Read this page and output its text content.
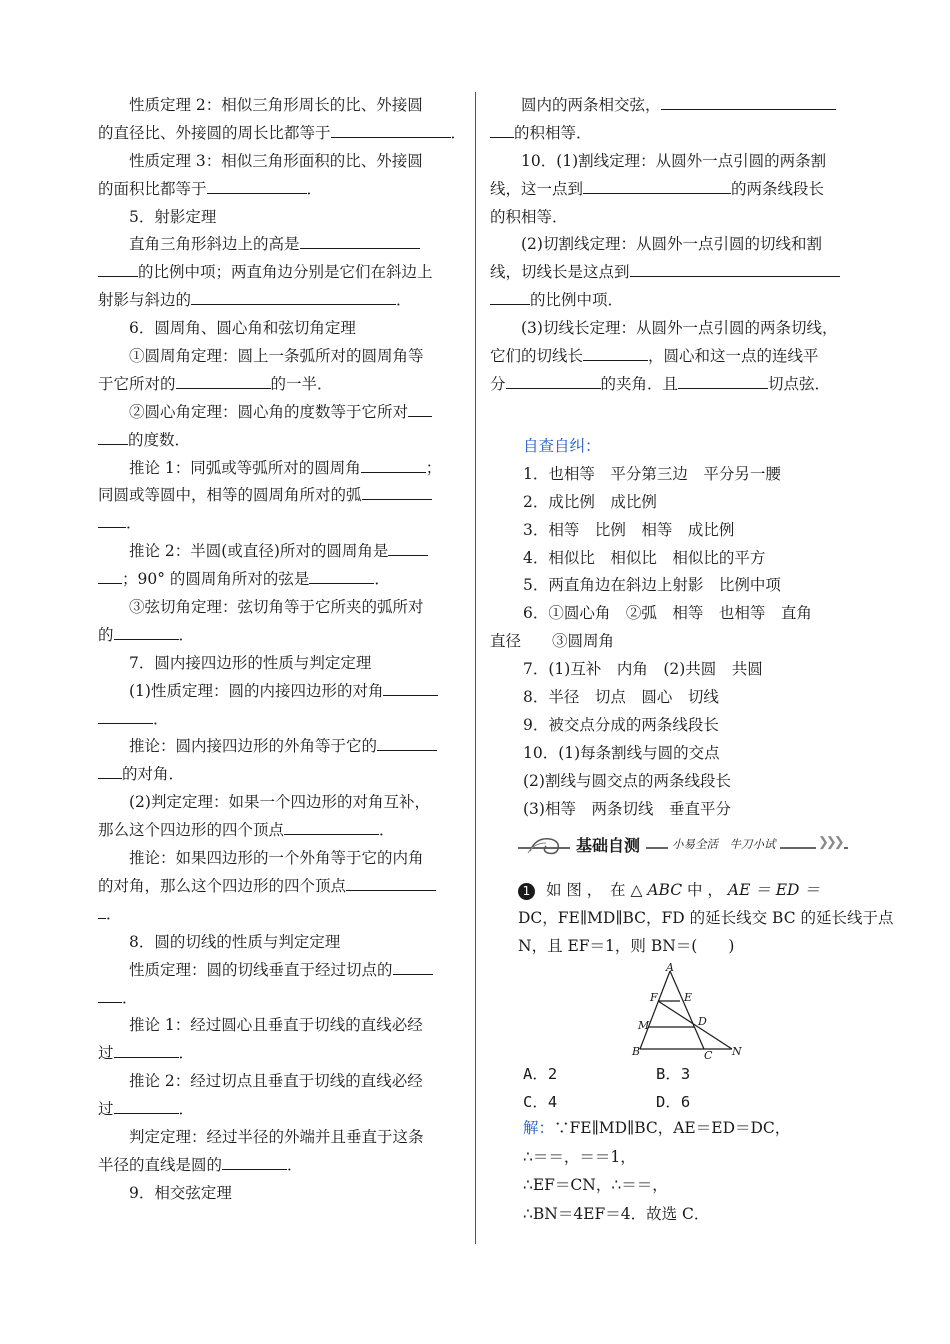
性质定理 2：相似三角形周长的比、外接圆
的直径比、外接圆的周长比都等于	．
性质定理 3：相似三角形面积的比、外接圆
的面积比都等于	．
5．射影定理
直角三角形斜边上的高是
的比例中项；两直角边分别是它们在斜边上
射影与斜边的	．
6．圆周角、圆心角和弦切角定理
①圆周角定理：圆上一条弧所对的圆周角等
于它所对的	的一半．
②圆心角定理：圆心角的度数等于它所对
的度数．
推论 1：同弧或等弧所对的圆周角	；
同圆或等圆中，相等的圆周角所对的弧
．
推论 2：半圆(或直径)所对的圆周角是
；90° 的圆周角所对的弦是	．
③弦切角定理：弦切角等于它所夹的弧所对
的	．
7．圆内接四边形的性质与判定定理
(1)性质定理：圆的内接四边形的对角
．
推论：圆内接四边形的外角等于它的
的对角．
(2)判定定理：如果一个四边形的对角互补，
那么这个四边形的四个顶点	．
推论：如果四边形的一个外角等于它的内角
的对角，那么这个四边形的四个顶点
．
8．圆的切线的性质与判定定理
性质定理：圆的切线垂直于经过切点的
．
推论 1：经过圆心且垂直于切线的直线必经
过	．
推论 2：经过切点且垂直于切线的直线必经
过	．
判定定理：经过半径的外端并且垂直于这条
半径的直线是圆的	．
9．相交弦定理
圆内的两条相交弦，
的积相等．
10．(1)割线定理：从圆外一点引圆的两条割
线，这一点到	的两条线段长
的积相等．
(2)切割线定理：从圆外一点引圆的切线和割
线，切线长是这点到
的比例中项．
(3)切线长定理：从圆外一点引圆的两条切线，
它们的切线长	，圆心和这一点的连线平
分	的夹角．且	切点弦．
自查自纠：
1．也相等　平分第三边　平分另一腰
2．成比例　成比例
3．相等　比例　相等　成比例
4．相似比　相似比　相似比的平方
5．两直角边在斜边上射影　比例中项
6．①圆心角　②弧　相等　也相等　直角
直径　　③圆周角
7．(1)互补　内角　(2)共圆　共圆
8．半径　切点　圆心　切线
9．被交点分成的两条线段长
10．(1)每条割线与圆的交点
(2)割线与圆交点的两条线段长
(3)相等　两条切线　垂直平分
基础自测	小易全活　牛刀小试	❯❯❯
1 如 图 ，　在 △ ABC 中 ， AE ＝ ED ＝
DC，FE∥MD∥BC，FD 的延长线交 BC 的延长线于点
N，且 EF＝1，则 BN＝(　　)
A
F E
M	D
B	C N
A．2	B．3
C．4	D．6
解：∵FE∥MD∥BC，AE＝ED＝DC，
∴＝＝，＝＝1，
∴EF＝CN，∴＝＝，
∴BN＝4EF＝4．故选 C．
